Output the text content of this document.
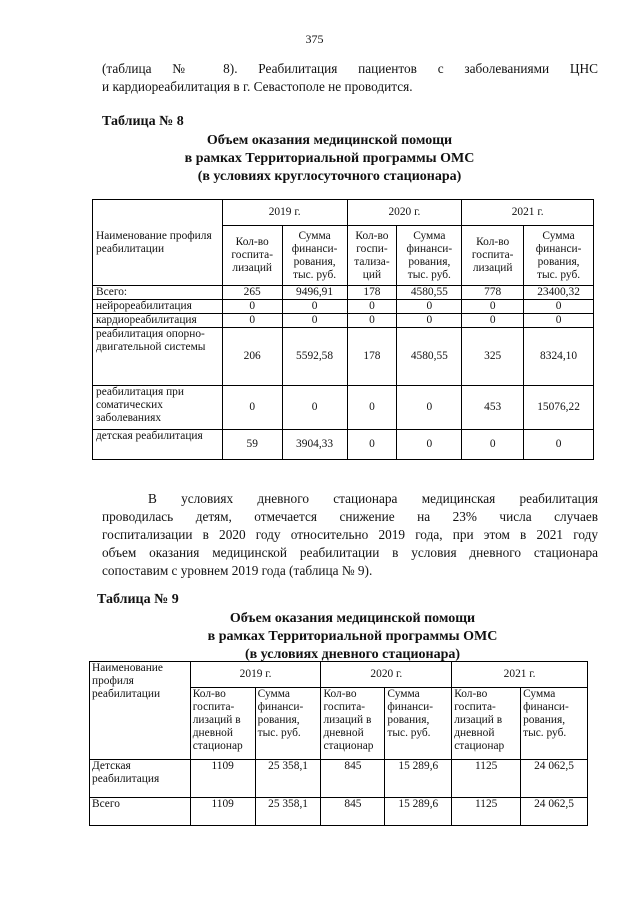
375
(таблица № 8). Реабилитация пациентов с заболеваниями ЦНС
и кардиореабилитация в г. Севастополе не проводится.
Таблица № 8
Объем оказания медицинской помощи
в рамках Территориальной программы ОМС
(в условиях круглосуточного стационара)
Наименование профиля реабилитации	2019 г.		2020 г.		2021 г.	
	Кол-во госпита-лизаций	Сумма финанси-рования, тыс. руб.	Кол-во госпи-тализа-ций	Сумма финанси-рования, тыс. руб.	Кол-во госпита-лизаций	Сумма финанси-рования, тыс. руб.
Всего:	265	9496,91	178	4580,55	778	23400,32
нейрореабилитация	0	0	0	0	0	0
кардиореабилитация	0	0	0	0	0	0
реабилитация опорно-двигательной системы	206	5592,58	178	4580,55	325	8324,10
реабилитация при соматических заболеваниях	0	0	0	0	453	15076,22
детская реабилитация	59	3904,33	0	0	0	0
В условиях дневного стационара медицинская реабилитация
проводилась детям, отмечается снижение на 23% числа случаев
госпитализации в 2020 году относительно 2019 года, при этом в 2021 году
объем оказания медицинской реабилитации в условия дневного стационара
сопоставим с уровнем 2019 года (таблица № 9).
Таблица № 9
Объем оказания медицинской помощи
в рамках Территориальной программы ОМС
(в условиях дневного стационара)
Наименование профиля реабилитации	2019 г.		2020 г.		2021 г.	
	Кол-во госпита-лизаций в дневной стационар	Сумма финанси-рования, тыс. руб.	Кол-во госпита-лизаций в дневной стационар	Сумма финанси-рования, тыс. руб.	Кол-во госпита-лизаций в дневной стационар	Сумма финанси-рования, тыс. руб.
Детская реабилитация	1109	25 358,1	845	15 289,6	1125	24 062,5
Всего	1109	25 358,1	845	15 289,6	1125	24 062,5
